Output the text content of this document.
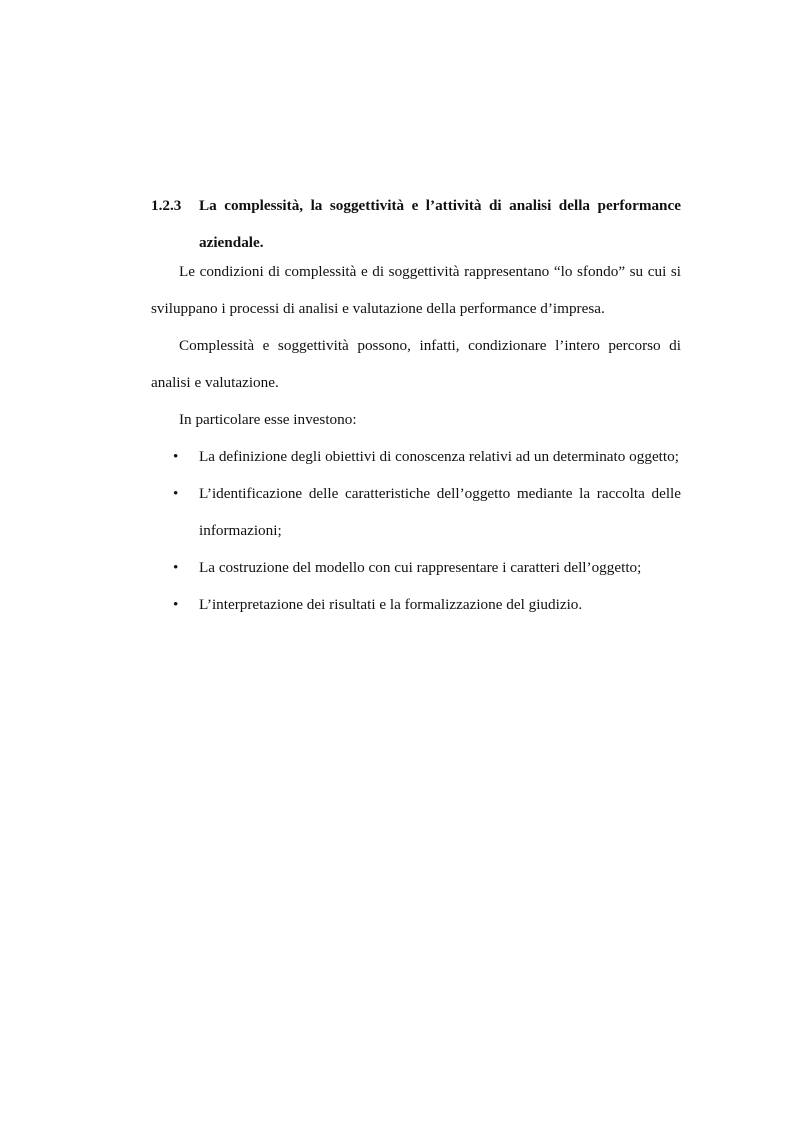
1.2.3	La complessità, la soggettività e l’attività di analisi della performance aziendale.
Le condizioni di complessità e di soggettività rappresentano “lo sfondo” su cui si sviluppano i processi di analisi e valutazione della performance d’impresa.
Complessità e soggettività possono, infatti, condizionare l’intero percorso di analisi e valutazione.
In particolare esse investono:
•	La definizione degli obiettivi di conoscenza relativi ad un determinato oggetto;
•	L’identificazione delle caratteristiche dell’oggetto mediante la raccolta delle informazioni;
•	La costruzione del modello con cui rappresentare i caratteri dell’oggetto;
•	L’interpretazione dei risultati e la formalizzazione del giudizio.
